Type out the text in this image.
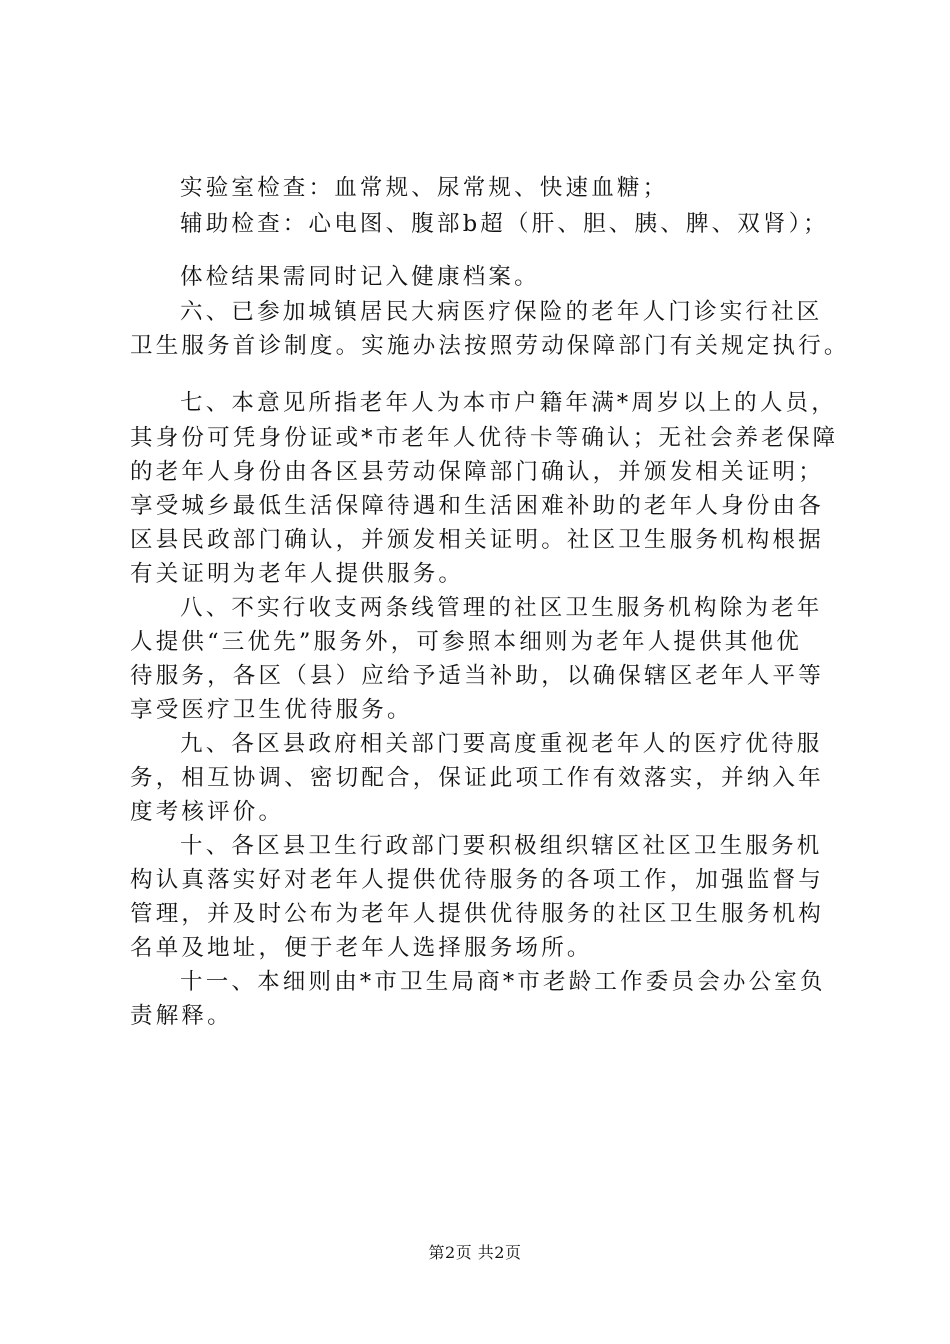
实验室检查：血常规、尿常规、快速血糖；
辅助检查：心电图、腹部b超（肝、胆、胰、脾、双肾）；
体检结果需同时记入健康档案。
六、已参加城镇居民大病医疗保险的老年人门诊实行社区
卫生服务首诊制度。实施办法按照劳动保障部门有关规定执行。
七、本意见所指老年人为本市户籍年满*周岁以上的人员，
其身份可凭身份证或*市老年人优待卡等确认；无社会养老保障
的老年人身份由各区县劳动保障部门确认，并颁发相关证明；
享受城乡最低生活保障待遇和生活困难补助的老年人身份由各
区县民政部门确认，并颁发相关证明。社区卫生服务机构根据
有关证明为老年人提供服务。
八、不实行收支两条线管理的社区卫生服务机构除为老年
人提供“三优先”服务外，可参照本细则为老年人提供其他优
待服务，各区（县）应给予适当补助，以确保辖区老年人平等
享受医疗卫生优待服务。
九、各区县政府相关部门要高度重视老年人的医疗优待服
务，相互协调、密切配合，保证此项工作有效落实，并纳入年
度考核评价。
十、各区县卫生行政部门要积极组织辖区社区卫生服务机
构认真落实好对老年人提供优待服务的各项工作，加强监督与
管理，并及时公布为老年人提供优待服务的社区卫生服务机构
名单及地址，便于老年人选择服务场所。
十一、本细则由*市卫生局商*市老龄工作委员会办公室负
责解释。
第2页 共2页
